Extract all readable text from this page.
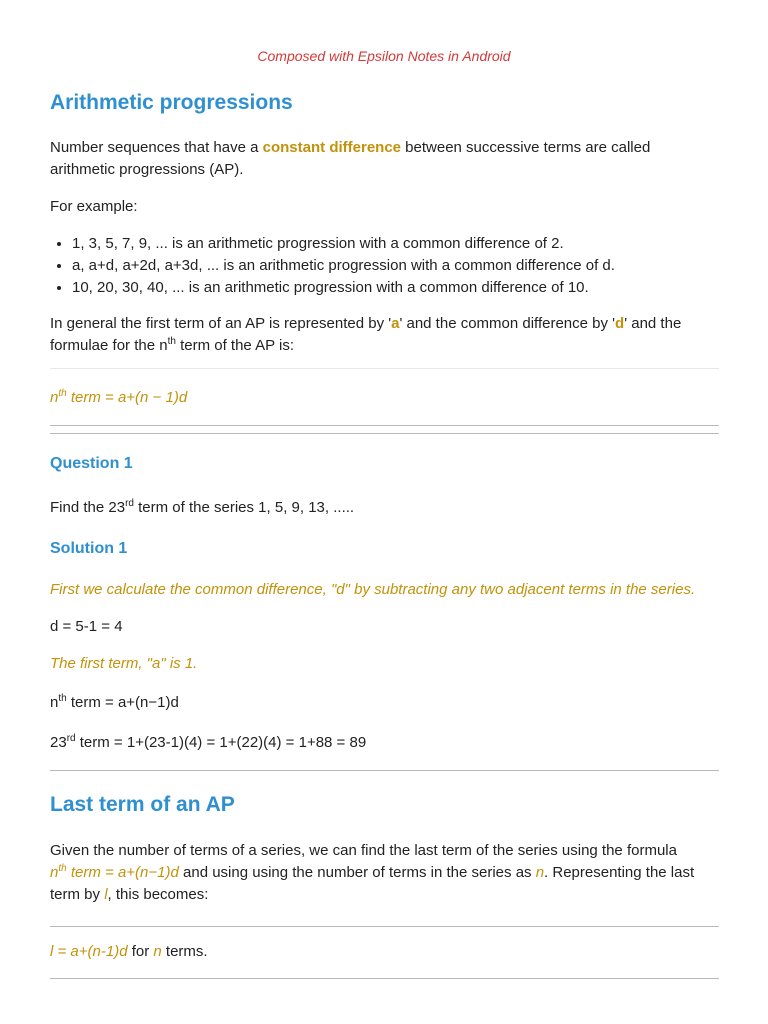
Composed with Epsilon Notes in Android
Arithmetic progressions
Number sequences that have a constant difference between successive terms are called
arithmetic progressions (AP).
For example:
• 1, 3, 5, 7, 9, ... is an arithmetic progression with a common difference of 2.
• a, a+d, a+2d, a+3d, ... is an arithmetic progression with a common difference of d.
• 10, 20, 30, 40, ... is an arithmetic progression with a common difference of 10.
In general the first term of an AP is represented by 'a' and the common difference by 'd' and the
formulae for the $n^{th}$ term of the AP is:
$n^{th}$ term = a+(n − 1)d
Question 1
Find the 23rd term of the series 1, 5, 9, 13, .....
Solution 1
First we calculate the common difference, "d" by subtracting any two adjacent terms in the series.
d = 5-1 = 4
The first term, "a" is 1.
$n^{th}$ term = a+(n−1)d
23rd term = 1+(23-1)(4) = 1+(22)(4) = 1+88 = 89
Last term of an AP
Given the number of terms of a series, we can find the last term of the series using the formula
$n^{th}$ term = a+(n−1)d and using using the number of terms in the series as n. Representing the last
term by l, this becomes:
l = a+(n-1)d for n terms.
